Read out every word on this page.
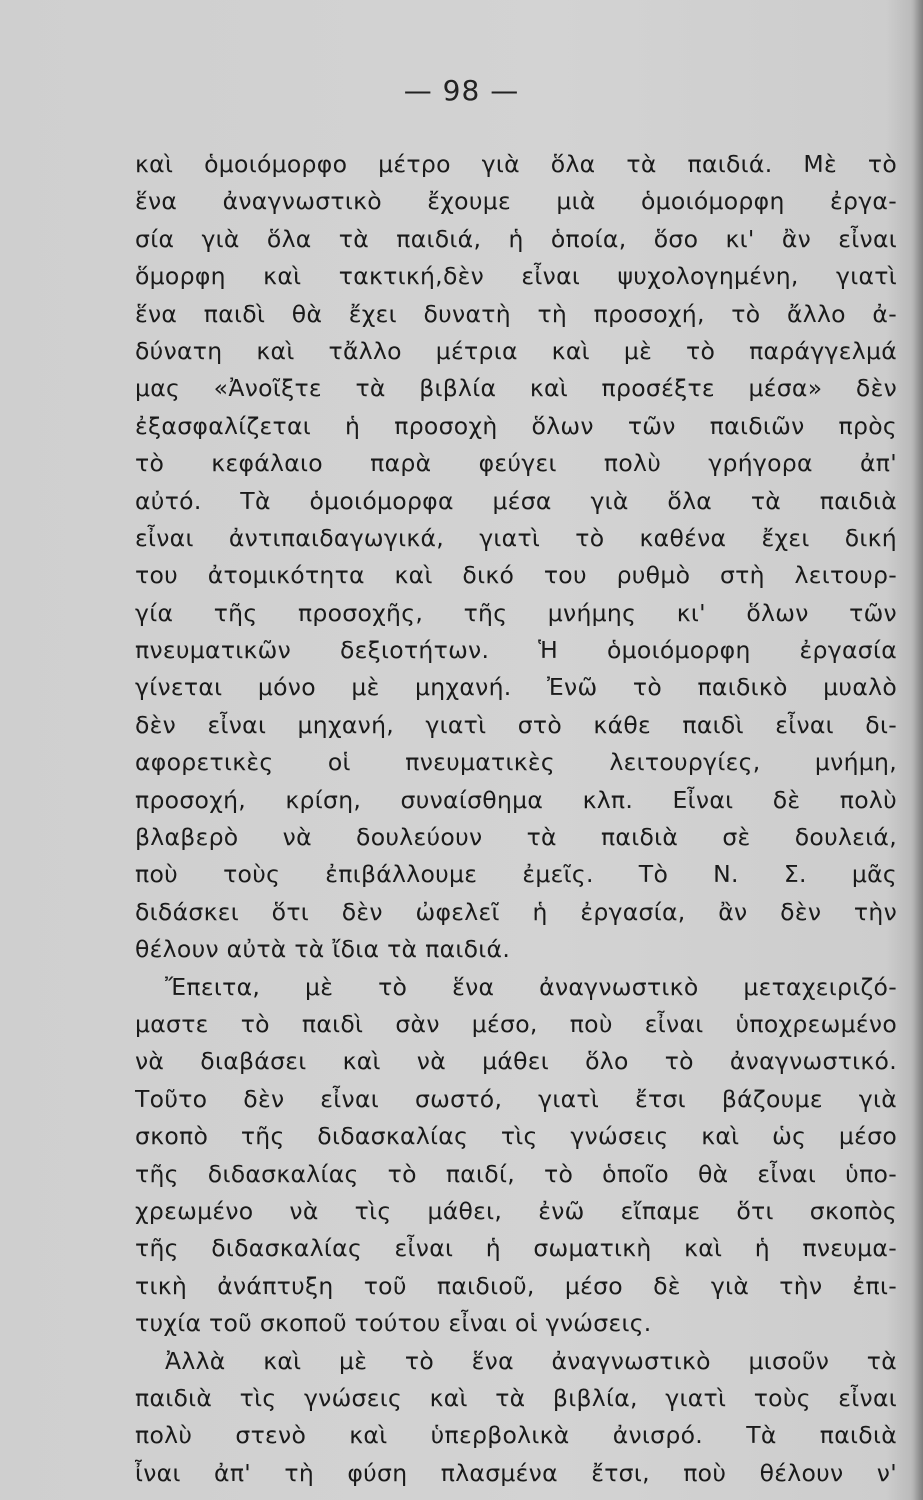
— 98 —
καὶ ὁμοιόμορφο μέτρο γιὰ ὅλα τὰ παιδιά. Μὲ τὸ
ἕνα ἀναγνωστικὸ ἔχουμε μιὰ ὁμοιόμορφη ἐργα-
σία γιὰ ὅλα τὰ παιδιά, ἡ ὁποία, ὅσο κι' ἂν εἶναι
ὅμορφη καὶ τακτική,δὲν εἶναι ψυχολογημένη, γιατὶ
ἕνα παιδὶ θὰ ἔχει δυνατὴ τὴ προσοχή, τὸ ἄλλο ἀ-
δύνατη καὶ τἄλλο μέτρια καὶ μὲ τὸ παράγγελμά
μας «Ἀνοῖξτε τὰ βιβλία καὶ προσέξτε μέσα» δὲν
ἐξασφαλίζεται ἡ προσοχὴ ὅλων τῶν παιδιῶν πρὸς
τὸ κεφάλαιο παρὰ φεύγει πολὺ γρήγορα ἀπ'
αὐτό. Τὰ ὁμοιόμορφα μέσα γιὰ ὅλα τὰ παιδιὰ
εἶναι ἀντιπαιδαγωγικά, γιατὶ τὸ καθένα ἔχει δική
του ἀτομικότητα καὶ δικό του ρυθμὸ στὴ λειτουρ-
γία τῆς προσοχῆς, τῆς μνήμης κι' ὅλων τῶν
πνευματικῶν δεξιοτήτων. Ἡ ὁμοιόμορφη ἐργασία
γίνεται μόνο μὲ μηχανή. Ἐνῶ τὸ παιδικὸ μυαλὸ
δὲν εἶναι μηχανή, γιατὶ στὸ κάθε παιδὶ εἶναι δι-
αφορετικὲς οἱ πνευματικὲς λειτουργίες, μνήμη,
προσοχή, κρίση, συναίσθημα κλπ. Εἶναι δὲ πολὺ
βλαβερὸ νὰ δουλεύουν τὰ παιδιὰ σὲ δουλειά,
ποὺ τοὺς ἐπιβάλλουμε ἐμεῖς. Τὸ Ν. Σ. μᾶς
διδάσκει ὅτι δὲν ὠφελεῖ ἡ ἐργασία, ἂν δὲν τὴν
θέλουν αὐτὰ τὰ ἴδια τὰ παιδιά.
Ἔπειτα, μὲ τὸ ἕνα ἀναγνωστικὸ μεταχειριζό-
μαστε τὸ παιδὶ σὰν μέσο, ποὺ εἶναι ὑποχρεωμένο
νὰ διαβάσει καὶ νὰ μάθει ὅλο τὸ ἀναγνωστικό.
Τοῦτο δὲν εἶναι σωστό, γιατὶ ἔτσι βάζουμε γιὰ
σκοπὸ τῆς διδασκαλίας τὶς γνώσεις καὶ ὡς μέσο
τῆς διδασκαλίας τὸ παιδί, τὸ ὁποῖο θὰ εἶναι ὑπο-
χρεωμένο νὰ τὶς μάθει, ἐνῶ εἴπαμε ὅτι σκοπὸς
τῆς διδασκαλίας εἶναι ἡ σωματικὴ καὶ ἡ πνευμα-
τικὴ ἀνάπτυξη τοῦ παιδιοῦ, μέσο δὲ γιὰ τὴν ἐπι-
τυχία τοῦ σκοποῦ τούτου εἶναι οἱ γνώσεις.
Ἀλλὰ καὶ μὲ τὸ ἕνα ἀναγνωστικὸ μισοῦν τὰ
παιδιὰ τὶς γνώσεις καὶ τὰ βιβλία, γιατὶ τοὺς εἶναι
πολὺ στενὸ καὶ ὑπερβολικὰ ἀνισρό. Τὰ παιδιὰ
ἶναι ἀπ' τὴ φύση πλασμένα ἔτσι, ποὺ θέλουν ν'
